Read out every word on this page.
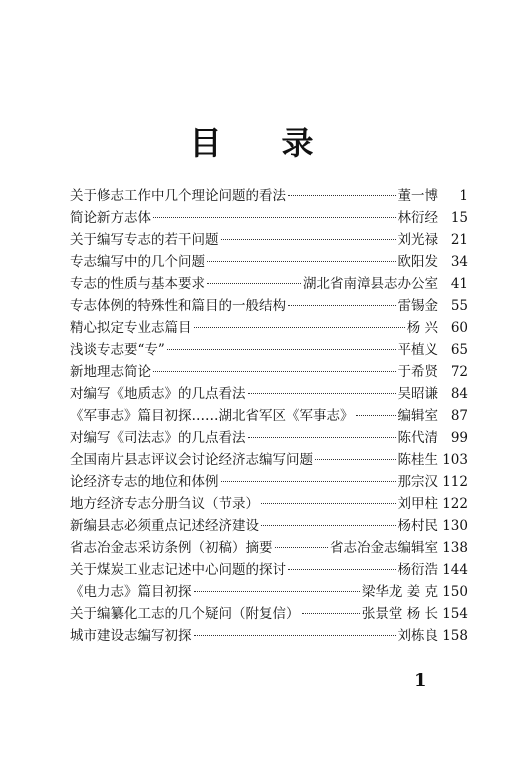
目 录
关于修志工作中几个理论问题的看法	董一博	1
简论新方志体	林衍经 15
关于编写专志的若干问题	刘光禄 21
专志编写中的几个问题	欧阳发 34
专志的性质与基本要求	湖北省南漳县志办公室 41
专志体例的特殊性和篇目的一般结构	雷锡金 55
精心拟定专业志篇目	杨 兴 60
浅谈专志要“专”	平植义 65
新地理志简论	于希贤 72
对编写《地质志》的几点看法	吴昭谦 84
《军事志》篇目初探……湖北省军区《军事志》	编辑室 87
对编写《司法志》的几点看法	陈代清 99
全国南片县志评议会讨论经济志编写问题	陈桂生 103
论经济专志的地位和体例	那宗汉 112
地方经济专志分册刍议（节录）	刘甲柱 122
新编县志必须重点记述经济建设	杨村民 130
省志冶金志采访条例（初稿）摘要	省志冶金志编辑室 138
关于煤炭工业志记述中心问题的探讨	杨衍浩 144
《电力志》篇目初探	梁华龙 姜 克 150
关于编纂化工志的几个疑问（附复信）	张景堂 杨 长 154
城市建设志编写初探	刘栋良 158
1
